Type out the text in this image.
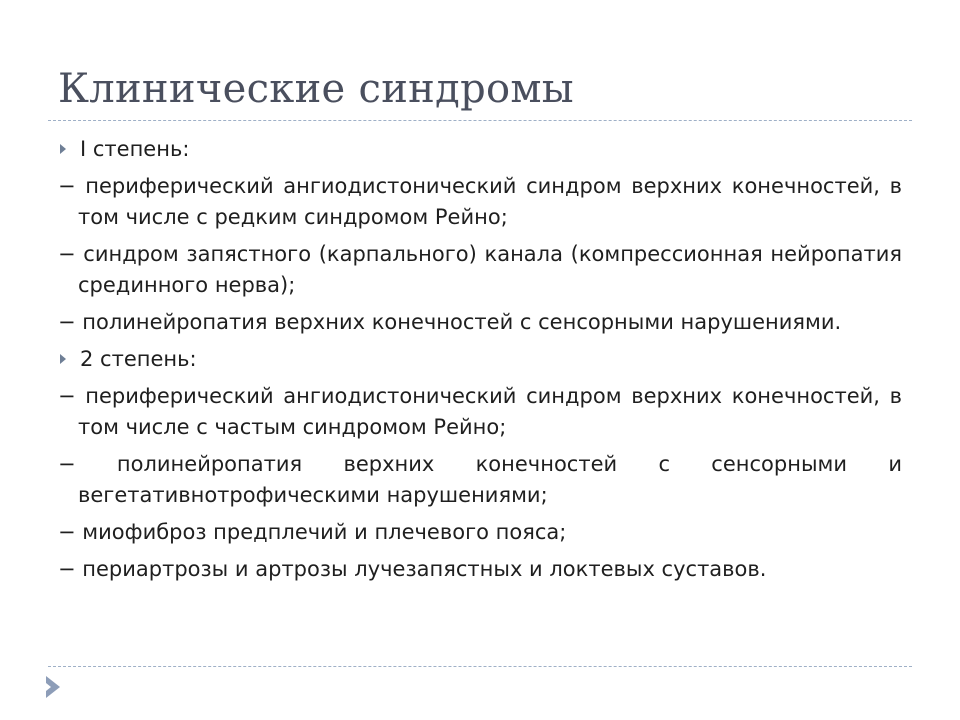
Клинические синдромы
I степень:
− периферический ангиодистонический синдром верхних конечностей, в том числе с редким синдромом Рейно;
− синдром запястного (карпального) канала (компрессионная нейропатия срединного нерва);
− полинейропатия верхних конечностей с сенсорными нарушениями.
2 степень:
− периферический ангиодистонический синдром верхних конечностей, в том числе с частым синдромом Рейно;
− полинейропатия верхних конечностей с сенсорными и вегетативнотрофическими нарушениями;
− миофиброз предплечий и плечевого пояса;
− периартрозы и артрозы лучезапястных и локтевых суставов.
